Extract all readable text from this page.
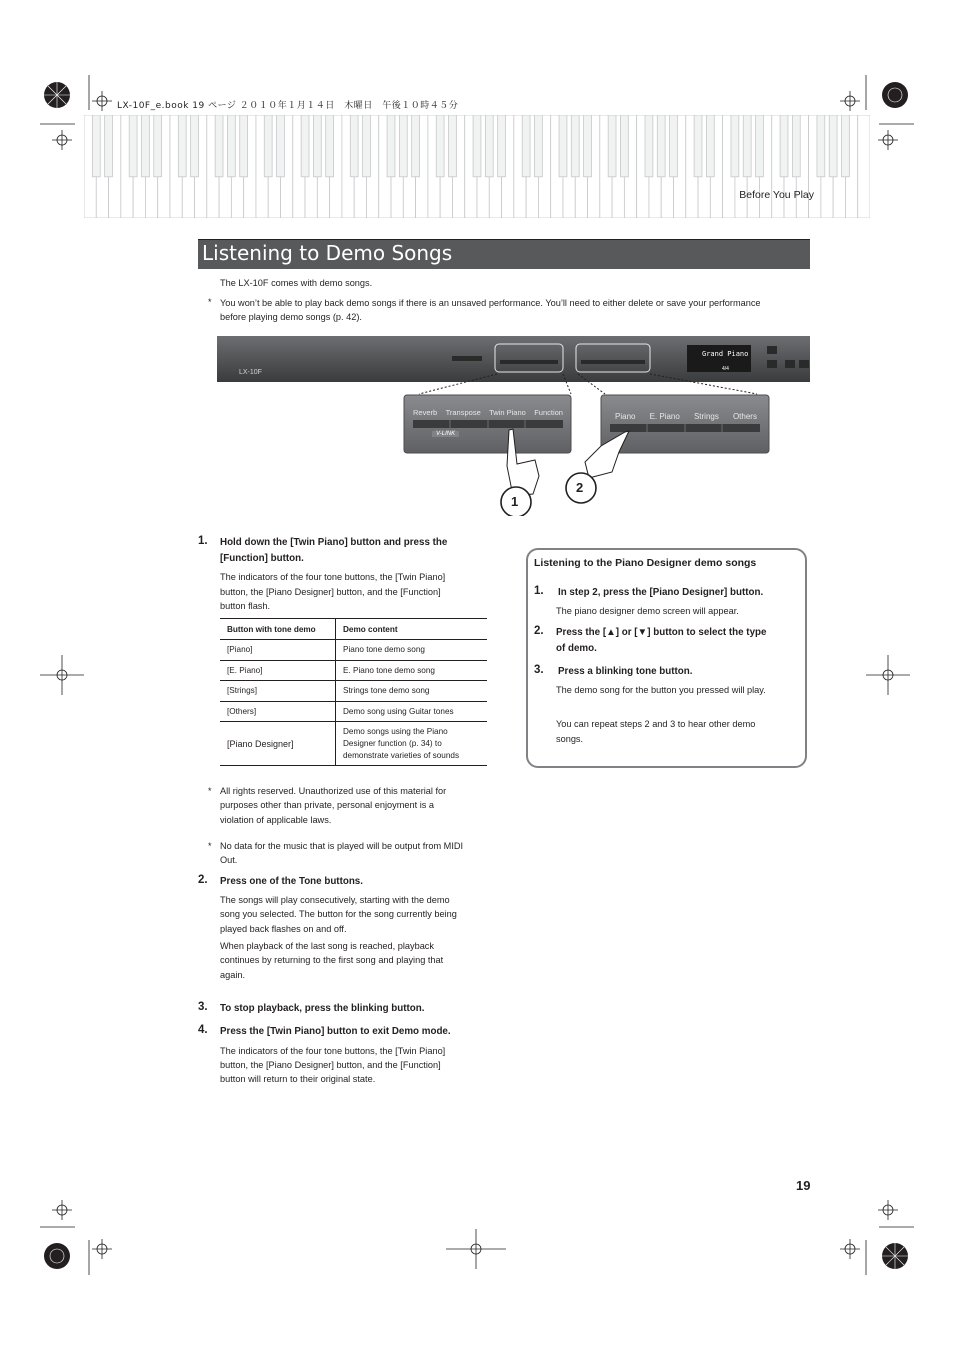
LX-10F_e.book 19 ページ ２０１０年１月１４日　木曜日　午後１０時４５分
Before You Play
Listening to Demo Songs
The LX-10F comes with demo songs.
* You won’t be able to play back demo songs if there is an unsaved performance. You’ll need to either delete or save your performance
before playing demo songs (p. 42).
LX-10F
Grand Piano
4/4
Reverb Transpose Twin Piano Function
V-LINK
Piano E. Piano Strings Others
1
2
1. Hold down the [Twin Piano] button and press the
[Function] button.
The indicators of the four tone buttons, the [Twin Piano]
button, the [Piano Designer] button, and the [Function]
button flash.
Button with tone demo	Demo content
[Piano]	Piano tone demo song
[E. Piano]	E. Piano tone demo song
[Strings]	Strings tone demo song
[Others]	Demo song using Guitar tones
[Piano Designer]	Demo songs using the Piano
Designer function (p. 34) to
demonstrate varieties of sounds
* All rights reserved. Unauthorized use of this material for
purposes other than private, personal enjoyment is a
violation of applicable laws.
* No data for the music that is played will be output from MIDI
Out.
2. Press one of the Tone buttons.
The songs will play consecutively, starting with the demo
song you selected. The button for the song currently being
played back flashes on and off.
When playback of the last song is reached, playback
continues by returning to the first song and playing that
again.
3. To stop playback, press the blinking button.
4. Press the [Twin Piano] button to exit Demo mode.
The indicators of the four tone buttons, the [Twin Piano]
button, the [Piano Designer] button, and the [Function]
button will return to their original state.
Listening to the Piano Designer demo songs
1. In step 2, press the [Piano Designer] button.
The piano designer demo screen will appear.
2. Press the [▲] or [▼] button to select the type
of demo.
3. Press a blinking tone button.
The demo song for the button you pressed will play.
You can repeat steps 2 and 3 to hear other demo
songs.
19
